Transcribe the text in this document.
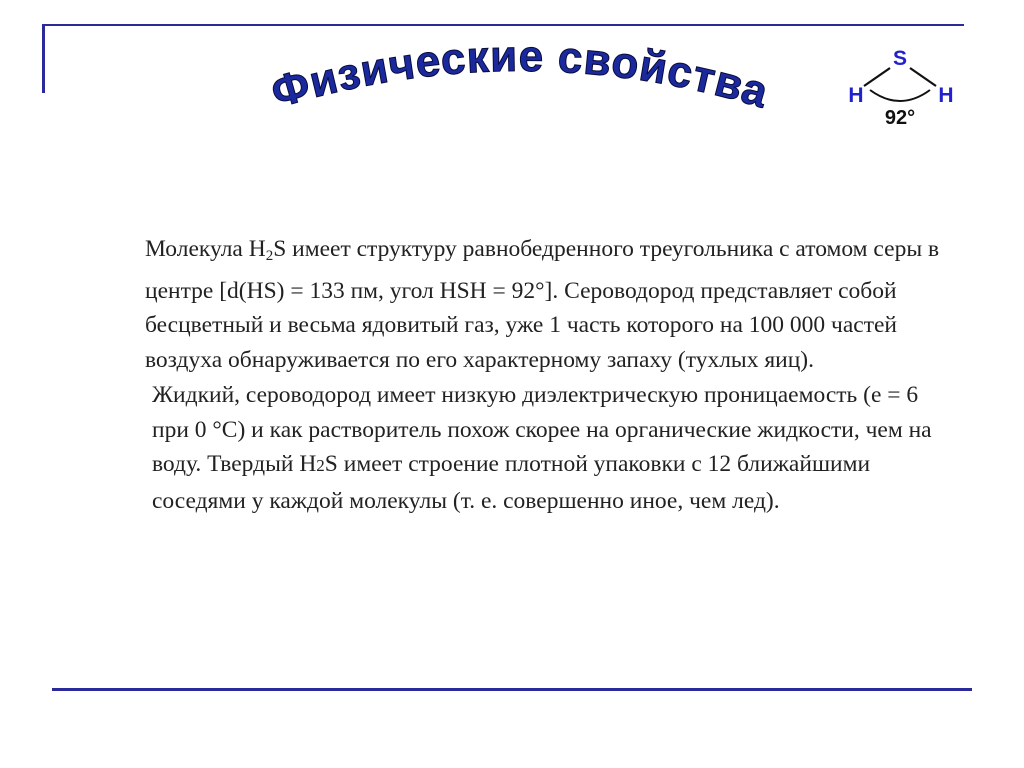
Физические свойства
S
H	H
92°

Молекула $H_2S$ имеет структуру равнобедренного треугольника с атомом серы в центре [d(HS) = 133 пм, угол HSH = 92°]. Сероводород представляет собой бесцветный и весьма ядовитый газ, уже 1 часть которого на 100 000 частей воздуха обнаруживается по его характерному запаху (тухлых яиц).

Жидкий, сероводород имеет низкую диэлектрическую проницаемость (e = 6 при 0 °C) и как растворитель похож скорее на органические жидкости, чем на воду. Твердый H2S имеет строение плотной упаковки с 12 ближайшими соседями у каждой молекулы (т. е. совершенно иное, чем лед).
